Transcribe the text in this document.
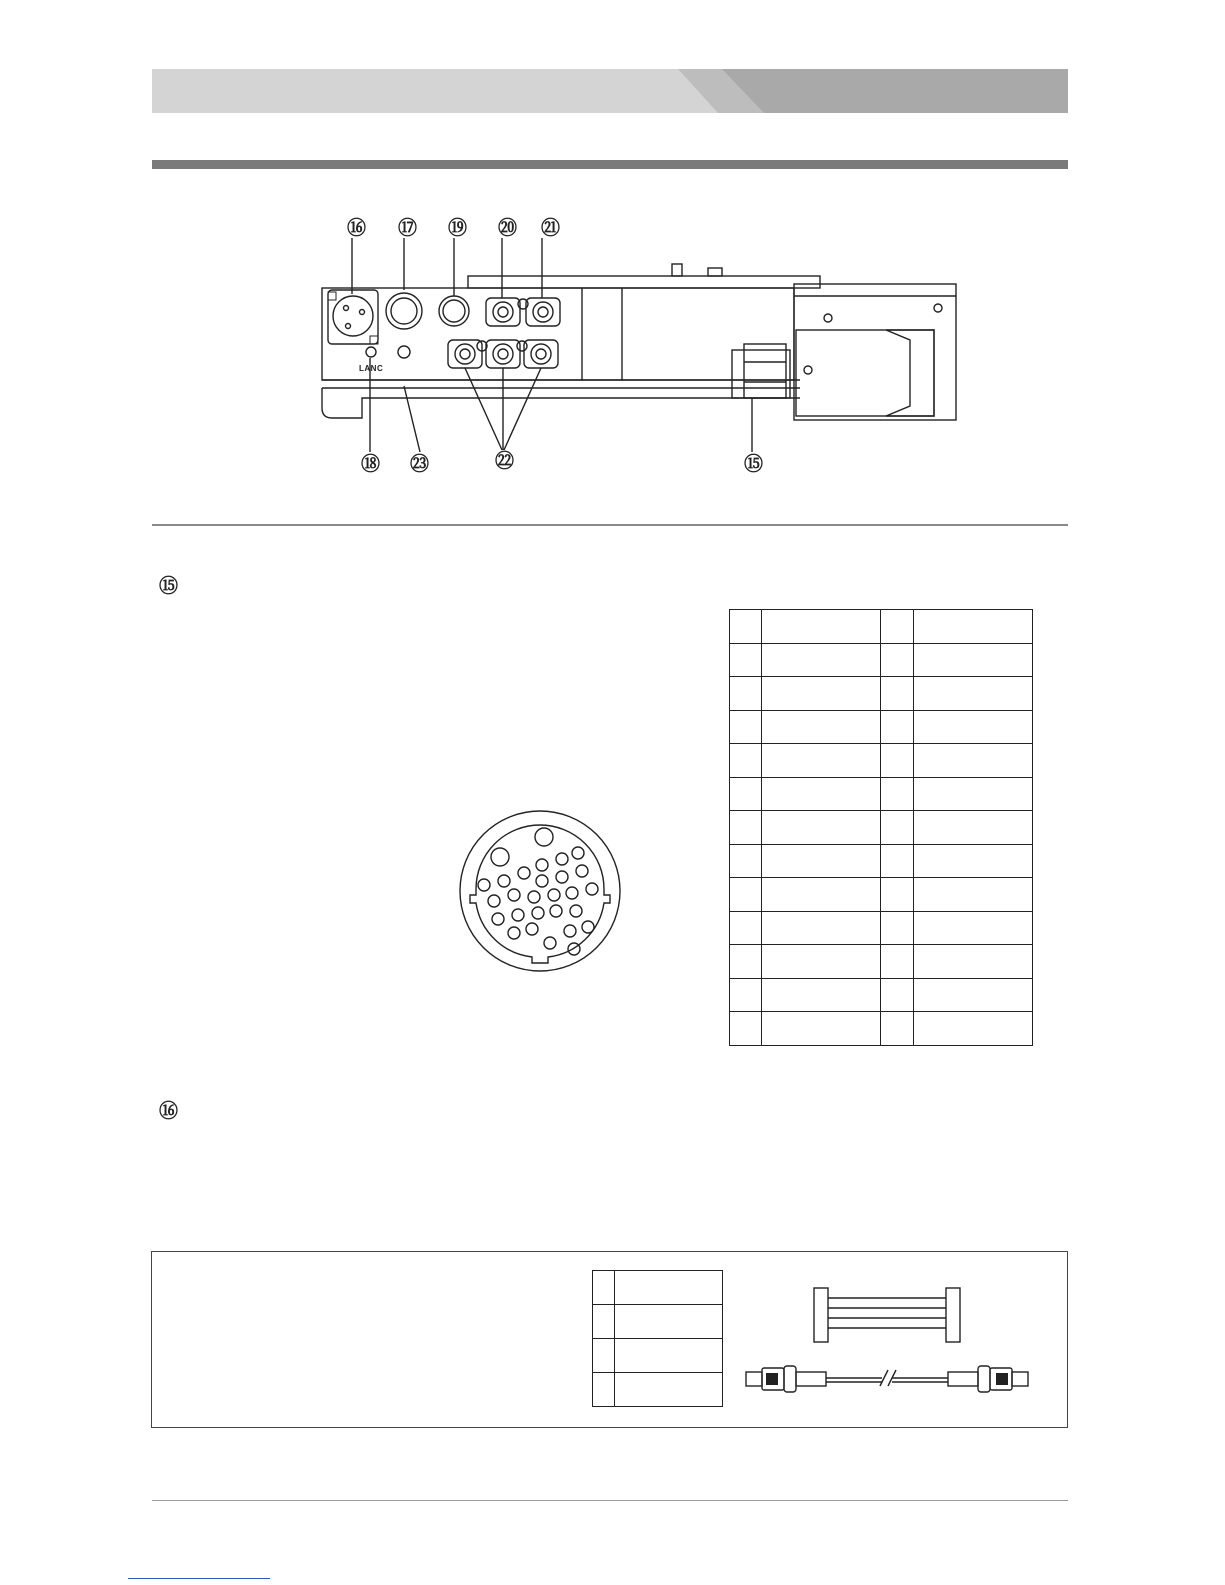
⑯ ⑰ ⑲ ⑳ ㉑
LANC
⑱ ㉓	㉒	⑮
⑮

⑯
